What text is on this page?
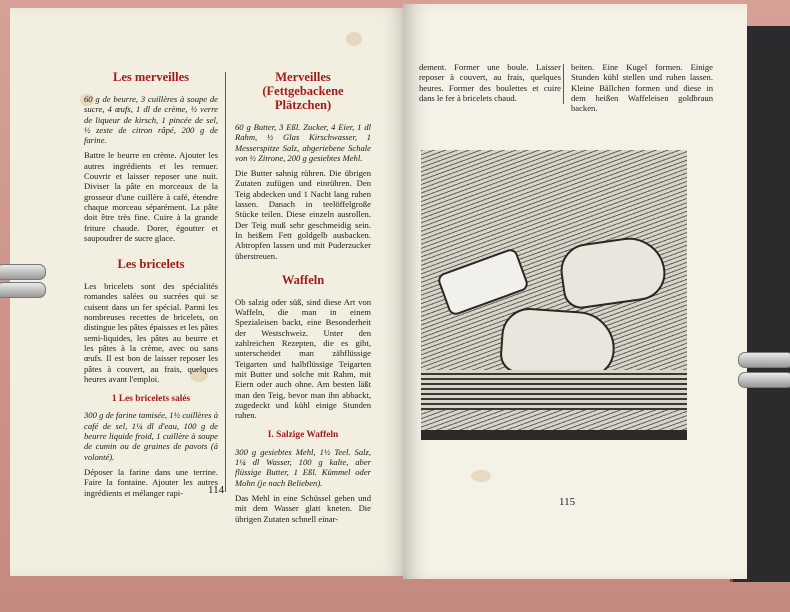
Les merveilles

60 g de beurre, 3 cuillères à soupe de sucre, 4 œufs, 1 dl de crème, ½ verre de liqueur de kirsch, 1 pincée de sel, ½ zeste de citron râpé, 200 g de farine.

Battre le beurre en crème. Ajouter les autres ingrédients et les remuer. Couvrir et laisser reposer une nuit. Diviser la pâte en morceaux de la grosseur d'une cuillère à café, étendre chaque morceau séparément. La pâte doit être très fine. Cuire à la grande friture chaude. Dorer, égoutter et saupoudrer de sucre glace.

Les bricelets

Les bricelets sont des spécialités romandes salées ou sucrées qui se cuisent dans un fer spécial. Parmi les nombreuses recettes de bricelets, on distingue les pâtes épaisses et les pâtes semi-liquides, les pâtes au beurre et les pâtes à la crème, avec ou sans œufs. Il est bon de laisser reposer les pâtes à couvert, au frais, quelques heures avant l'emploi.

1 Les bricelets salés

300 g de farine tamisée, 1½ cuillères à café de sel, 1¼ dl d'eau, 100 g de beurre liquide froid, 1 cuillère à soupe de cumin ou de graines de pavots (à volonté).

Déposer la farine dans une terrine. Faire la fontaine. Ajouter les autres ingrédients et mélanger rapi-

Merveilles (Fettgebackene Plätzchen)

60 g Butter, 3 Eßl. Zucker, 4 Eier, 1 dl Rahm, ½ Glas Kirschwasser, 1 Messerspitze Salz, abgeriebene Schale von ½ Zitrone, 200 g gesiebtes Mehl.

Die Butter sahnig rühren. Die übrigen Zutaten zufügen und einrühren. Den Teig abdecken und 1 Nacht lang ruhen lassen. Danach in teelöffelgroße Stücke teilen. Diese einzeln ausrollen. Der Teig muß sehr geschmeidig sein. In heißem Fett goldgelb ausbacken. Abtropfen lassen und mit Puderzucker überstreuen.

Waffeln

Ob salzig oder süß, sind diese Art von Waffeln, die man in einem Spezialeisen backt, eine Besonderheit der Westschweiz. Unter den zahlreichen Rezepten, die es gibt, unterscheidet man zähflüssige Teigarten und halbflüssige Teigarten mit Butter und solche mit Rahm, mit Eiern oder auch ohne. Am besten läßt man den Teig, bevor man ihn abbackt, zugedeckt und kühl einige Stunden ruhen.

I. Salzige Waffeln

300 g gesiebtes Mehl, 1½ Teel. Salz, 1¼ dl Wasser, 100 g kalte, aber flüssige Butter, 1 Eßl. Kümmel oder Mohn (je nach Belieben).

Das Mehl in eine Schüssel geben und mit dem Wasser glatt kneten. Die übrigen Zutaten schnell einar-

114

dement. Former une boule. Laisser reposer à couvert, au frais, quelques heures. Former des boulettes et cuire dans le fer à bricelets chaud.

beiten. Eine Kugel formen. Einige Stunden kühl stellen und ruhen lassen. Kleine Bällchen formen und diese in dem heißen Waffeleisen goldbraun backen.

115
